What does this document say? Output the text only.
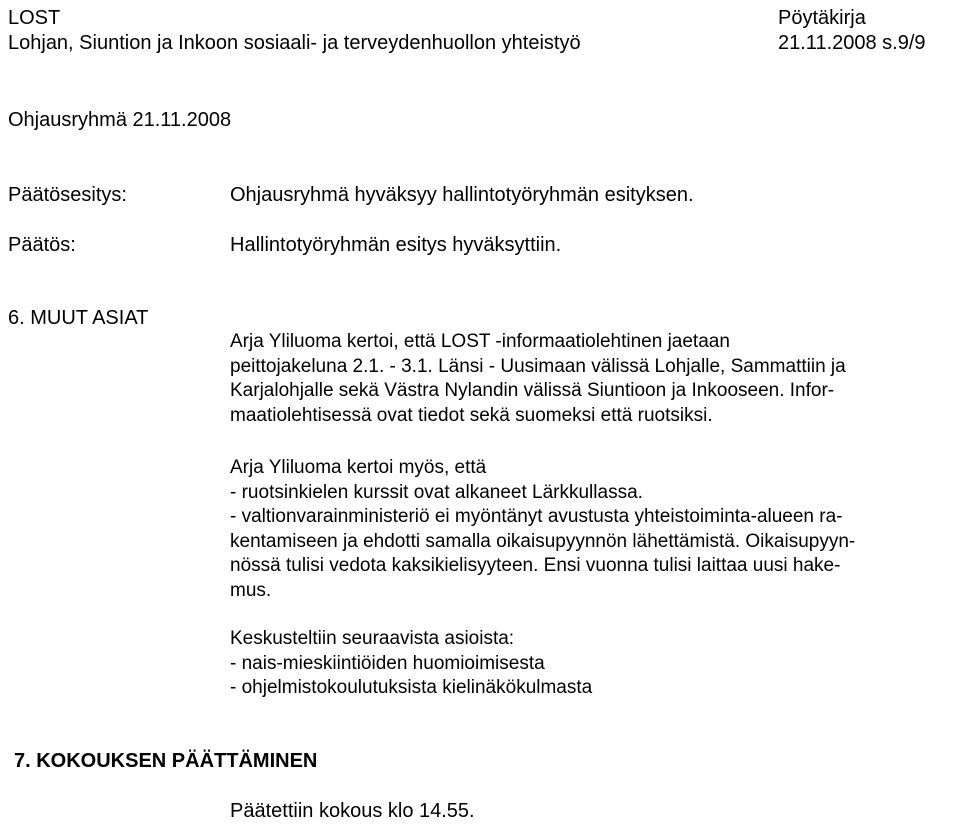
LOST
Lohjan, Siuntion ja Inkoon sosiaali- ja terveydenhuollon yhteistyö
Pöytäkirja
21.11.2008 s.9/9
Ohjausryhmä 21.11.2008
Päätösesitys:	Ohjausryhmä hyväksyy hallintotyöryhmän esityksen.
Päätös:	Hallintotyöryhmän esitys hyväksyttiin.
6. MUUT ASIAT
Arja Yliluoma kertoi, että LOST -informaatiolehtinen jaetaan
peittojakeluna 2.1. - 3.1. Länsi - Uusimaan välissä Lohjalle, Sammattiin ja
Karjalohjalle sekä Västra Nylandin välissä Siuntioon ja Inkooseen. Infor-
maatiolehtisessä ovat tiedot sekä suomeksi että ruotsiksi.
Arja Yliluoma kertoi myös, että
- ruotsinkielen kurssit ovat alkaneet Lärkkullassa.
- valtionvarainministeriö ei myöntänyt avustusta yhteistoiminta-alueen ra-
kentamiseen ja ehdotti samalla oikaisupyynnön lähettämistä. Oikaisupyyn-
nössä tulisi vedota kaksikielisyyteen. Ensi vuonna tulisi laittaa uusi hake-
mus.
Keskusteltiin seuraavista asioista:
- nais-mieskiintiöiden huomioimisesta
- ohjelmistokoulutuksista kielinäkökulmasta
7. KOKOUKSEN PÄÄTTÄMINEN
Päätettiin kokous klo 14.55.
